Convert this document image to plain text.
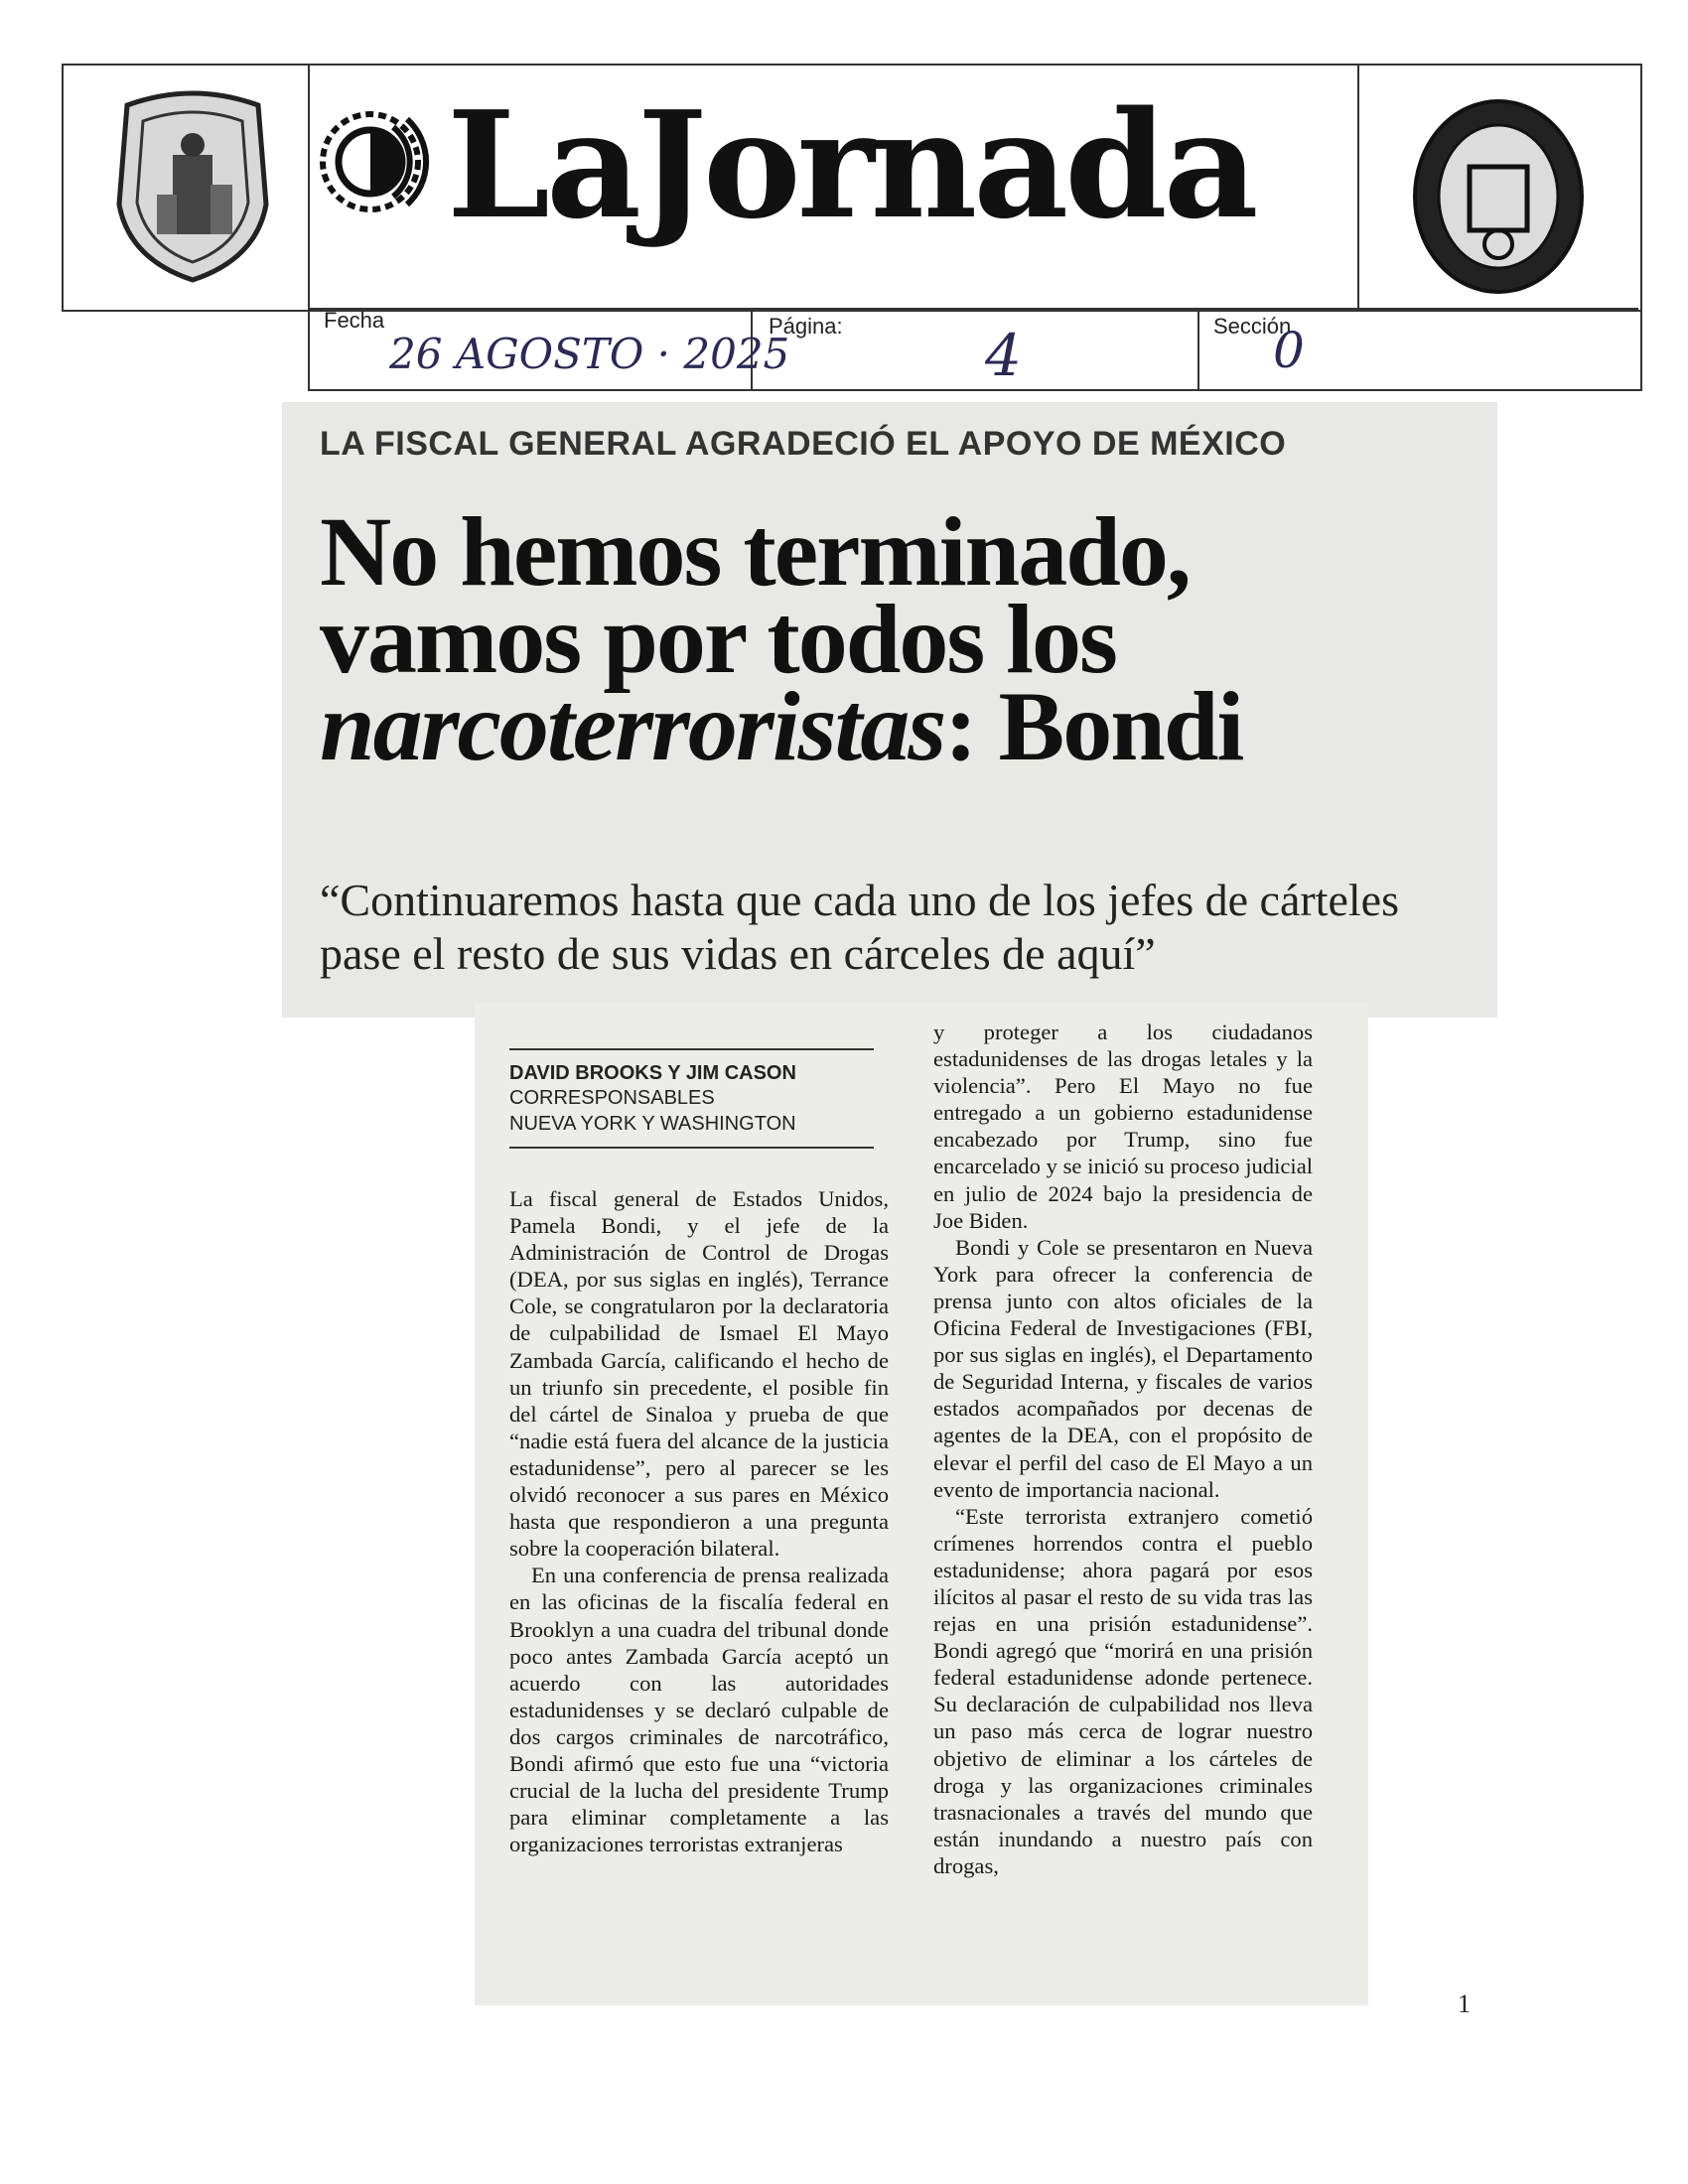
LaJornada
Fecha
26 AGOSTO · 2025
Página: 4	Sección
0
LA FISCAL GENERAL AGRADECIÓ EL APOYO DE MÉXICO
No hemos terminado,
vamos por todos los
narcoterroristas: Bondi
“Continuaremos hasta que cada uno de los jefes de cárteles pase el resto de sus vidas en cárceles de aquí”
DAVID BROOKS Y JIM CASON
CORRESPONSABLES
NUEVA YORK Y WASHINGTON

La fiscal general de Estados Unidos, Pamela Bondi, y el jefe de la Administración de Control de Drogas (DEA, por sus siglas en inglés), Terrance Cole, se congratularon por la declaratoria de culpabilidad de Ismael El Mayo Zambada García, calificando el hecho de un triunfo sin precedente, el posible fin del cártel de Sinaloa y prueba de que “nadie está fuera del alcance de la justicia estadunidense”, pero al parecer se les olvidó reconocer a sus pares en México hasta que respondieron a una pregunta sobre la cooperación bilateral.

En una conferencia de prensa realizada en las oficinas de la fiscalía federal en Brooklyn a una cuadra del tribunal donde poco antes Zambada García aceptó un acuerdo con las autoridades estadunidenses y se declaró culpable de dos cargos criminales de narcotráfico, Bondi afirmó que esto fue una “victoria crucial de la lucha del presidente Trump para eliminar completamente a las organizaciones terroristas extranjeras

y proteger a los ciudadanos estadunidenses de las drogas letales y la violencia”. Pero El Mayo no fue entregado a un gobierno estadunidense encabezado por Trump, sino fue encarcelado y se inició su proceso judicial en julio de 2024 bajo la presidencia de Joe Biden.

Bondi y Cole se presentaron en Nueva York para ofrecer la conferencia de prensa junto con altos oficiales de la Oficina Federal de Investigaciones (FBI, por sus siglas en inglés), el Departamento de Seguridad Interna, y fiscales de varios estados acompañados por decenas de agentes de la DEA, con el propósito de elevar el perfil del caso de El Mayo a un evento de importancia nacional.

“Este terrorista extranjero cometió crímenes horrendos contra el pueblo estadunidense; ahora pagará por esos ilícitos al pasar el resto de su vida tras las rejas en una prisión estadunidense”. Bondi agregó que “morirá en una prisión federal estadunidense adonde pertenece. Su declaración de culpabilidad nos lleva un paso más cerca de lograr nuestro objetivo de eliminar a los cárteles de droga y las organizaciones criminales trasnacionales a través del mundo que están inundando a nuestro país con drogas,

1
